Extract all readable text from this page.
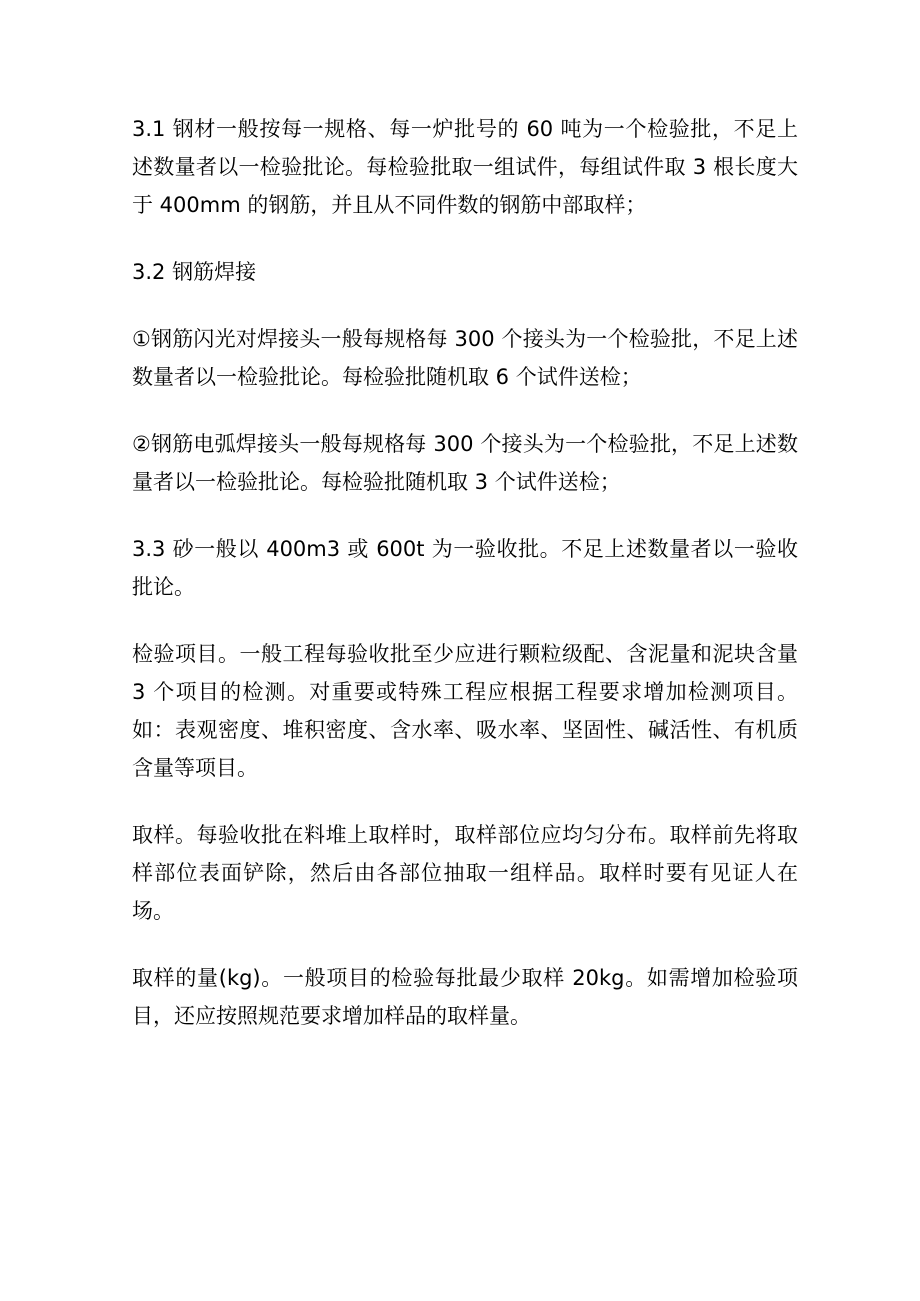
3.1 钢材一般按每一规格、每一炉批号的 60 吨为一个检验批，不足上述数量者以一检验批论。每检验批取一组试件，每组试件取 3 根长度大于 400mm 的钢筋，并且从不同件数的钢筋中部取样；

3.2 钢筋焊接

①钢筋闪光对焊接头一般每规格每 300 个接头为一个检验批，不足上述数量者以一检验批论。每检验批随机取 6 个试件送检；

②钢筋电弧焊接头一般每规格每 300 个接头为一个检验批，不足上述数量者以一检验批论。每检验批随机取 3 个试件送检；

3.3 砂一般以 400m3 或 600t 为一验收批。不足上述数量者以一验收批论。

检验项目。一般工程每验收批至少应进行颗粒级配、含泥量和泥块含量 3 个项目的检测。对重要或特殊工程应根据工程要求增加检测项目。如：表观密度、堆积密度、含水率、吸水率、坚固性、碱活性、有机质含量等项目。

取样。每验收批在料堆上取样时，取样部位应均匀分布。取样前先将取样部位表面铲除，然后由各部位抽取一组样品。取样时要有见证人在场。

取样的量(kg)。一般项目的检验每批最少取样 20kg。如需增加检验项目，还应按照规范要求增加样品的取样量。
